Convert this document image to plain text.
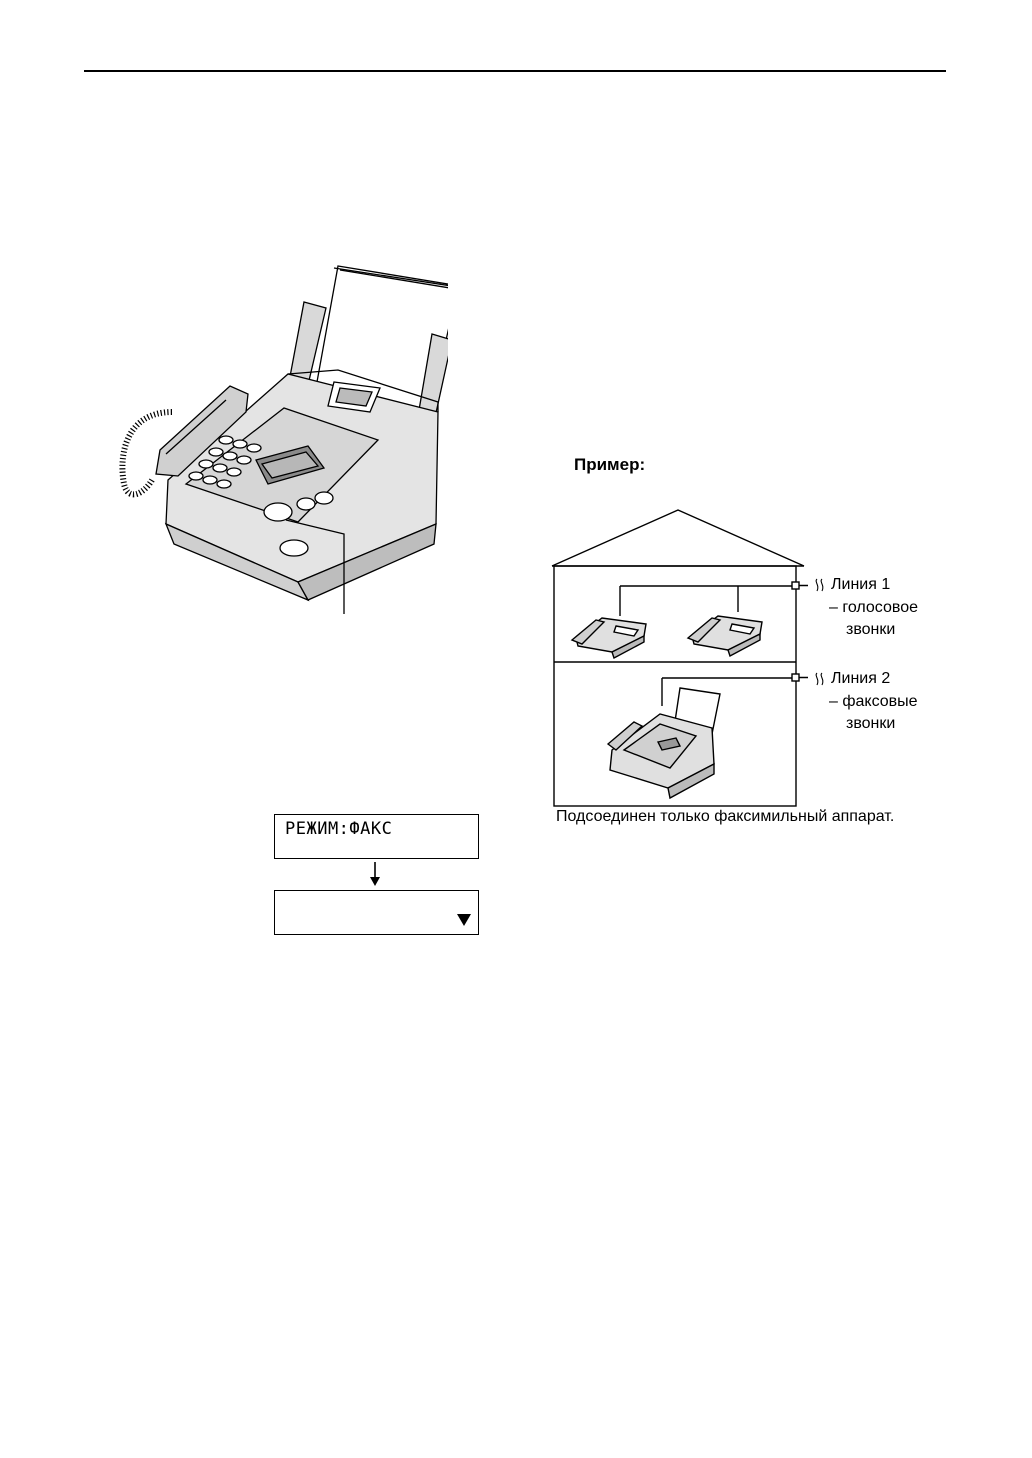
РЕЖИМ:ФАКС
Пример:
Линия 1
– голосовое
звонки
Линия 2
– факсовые
звонки
Подсоединен только факсимильный аппарат.
